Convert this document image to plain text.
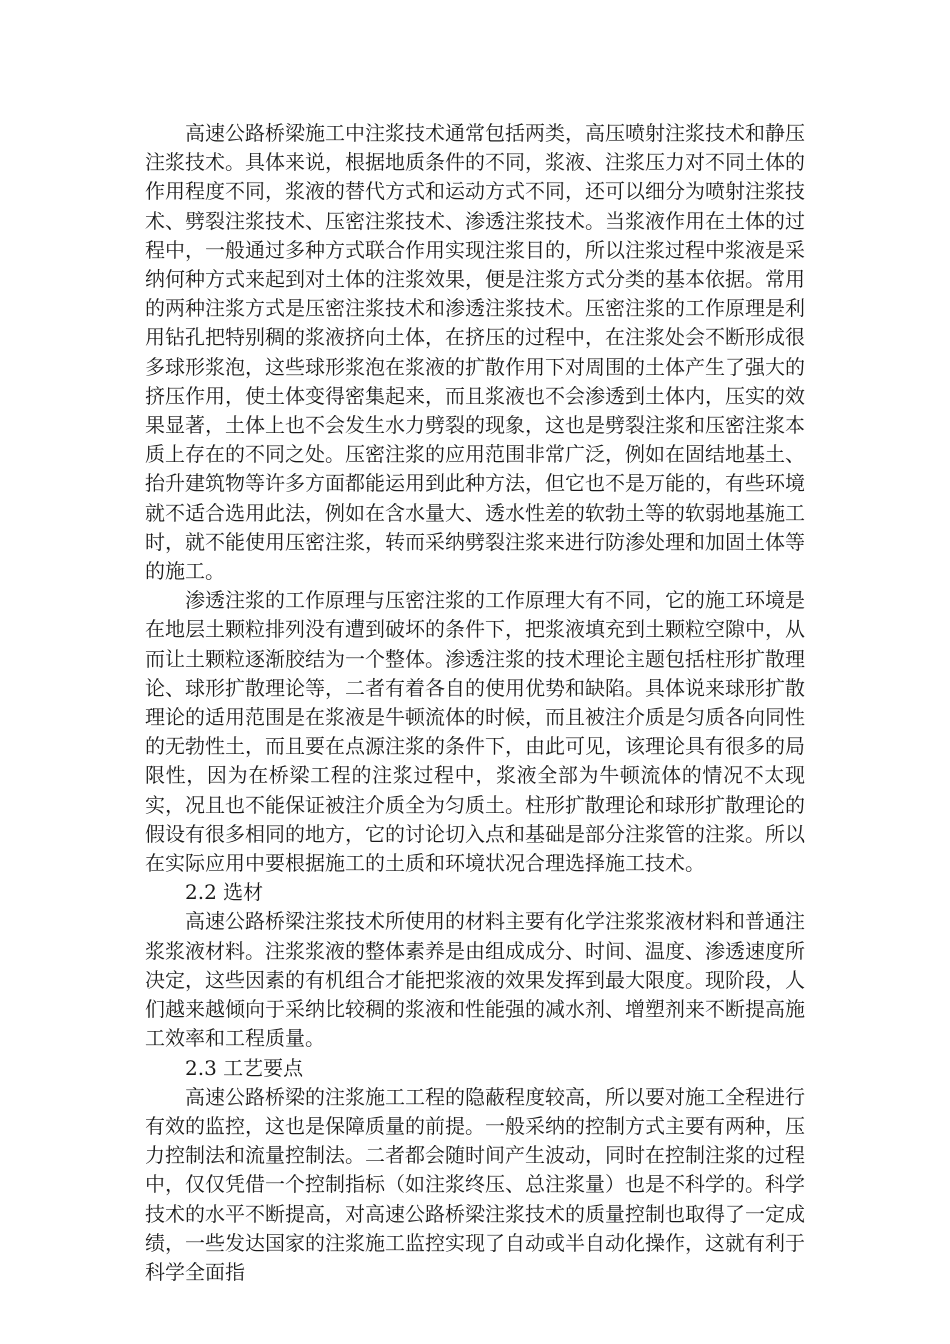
高速公路桥梁施工中注浆技术通常包括两类，高压喷射注浆技术和静压注浆技术。具体来说，根据地质条件的不同，浆液、注浆压力对不同土体的作用程度不同，浆液的替代方式和运动方式不同，还可以细分为喷射注浆技术、劈裂注浆技术、压密注浆技术、渗透注浆技术。当浆液作用在土体的过程中，一般通过多种方式联合作用实现注浆目的，所以注浆过程中浆液是采纳何种方式来起到对土体的注浆效果，便是注浆方式分类的基本依据。常用的两种注浆方式是压密注浆技术和渗透注浆技术。压密注浆的工作原理是利用钻孔把特别稠的浆液挤向土体，在挤压的过程中，在注浆处会不断形成很多球形浆泡，这些球形浆泡在浆液的扩散作用下对周围的土体产生了强大的挤压作用，使土体变得密集起来，而且浆液也不会渗透到土体内，压实的效果显著，土体上也不会发生水力劈裂的现象，这也是劈裂注浆和压密注浆本质上存在的不同之处。压密注浆的应用范围非常广泛，例如在固结地基土、抬升建筑物等许多方面都能运用到此种方法，但它也不是万能的，有些环境就不适合选用此法，例如在含水量大、透水性差的软勃土等的软弱地基施工时，就不能使用压密注浆，转而采纳劈裂注浆来进行防渗处理和加固土体等的施工。

渗透注浆的工作原理与压密注浆的工作原理大有不同，它的施工环境是在地层土颗粒排列没有遭到破坏的条件下，把浆液填充到土颗粒空隙中，从而让土颗粒逐渐胶结为一个整体。渗透注浆的技术理论主题包括柱形扩散理论、球形扩散理论等，二者有着各自的使用优势和缺陷。具体说来球形扩散理论的适用范围是在浆液是牛顿流体的时候，而且被注介质是匀质各向同性的无勃性土，而且要在点源注浆的条件下，由此可见，该理论具有很多的局限性，因为在桥梁工程的注浆过程中，浆液全部为牛顿流体的情况不太现实，况且也不能保证被注介质全为匀质土。柱形扩散理论和球形扩散理论的假设有很多相同的地方，它的讨论切入点和基础是部分注浆管的注浆。所以在实际应用中要根据施工的土质和环境状况合理选择施工技术。

2.2 选材

高速公路桥梁注浆技术所使用的材料主要有化学注浆浆液材料和普通注浆浆液材料。注浆浆液的整体素养是由组成成分、时间、温度、渗透速度所决定，这些因素的有机组合才能把浆液的效果发挥到最大限度。现阶段，人们越来越倾向于采纳比较稠的浆液和性能强的减水剂、增塑剂来不断提高施工效率和工程质量。

2.3 工艺要点

高速公路桥梁的注浆施工工程的隐蔽程度较高，所以要对施工全程进行有效的监控，这也是保障质量的前提。一般采纳的控制方式主要有两种，压力控制法和流量控制法。二者都会随时间产生波动，同时在控制注浆的过程中，仅仅凭借一个控制指标（如注浆终压、总注浆量）也是不科学的。科学技术的水平不断提高，对高速公路桥梁注浆技术的质量控制也取得了一定成绩，一些发达国家的注浆施工监控实现了自动或半自动化操作，这就有利于科学全面指
